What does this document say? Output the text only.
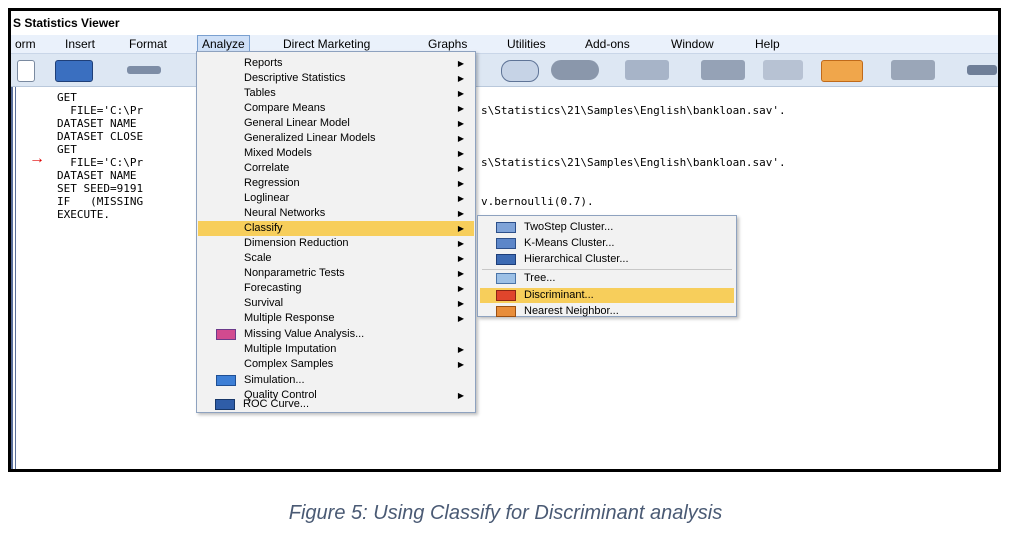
S Statistics Viewer
orm	Insert	Format	Analyze	Direct Marketing	Graphs	Utilities	Add-ons	Window	Help
→
GET
FILE='C:\Pr
DATASET NAME
DATASET CLOSE
GET
FILE='C:\Pr
DATASET NAME
SET SEED=9191
IF   (MISSING
EXECUTE.
s\Statistics\21\Samples\English\bankloan.sav'.
s\Statistics\21\Samples\English\bankloan.sav'.
v.bernoulli(0.7).
Reports	▶
Descriptive Statistics	▶
Tables	▶
Compare Means	▶
General Linear Model	▶
Generalized Linear Models	▶
Mixed Models	▶
Correlate	▶
Regression	▶
Loglinear	▶
Neural Networks	▶
Classify	▶
Dimension Reduction	▶
Scale	▶
Nonparametric Tests	▶
Forecasting	▶
Survival	▶
Multiple Response	▶
Missing Value Analysis...
Multiple Imputation	▶
Complex Samples	▶
Simulation...
Quality Control	▶
ROC Curve...
TwoStep Cluster...
K-Means Cluster...
Hierarchical Cluster...
Tree...
Discriminant...
Nearest Neighbor...
Figure 5: Using Classify for Discriminant analysis
